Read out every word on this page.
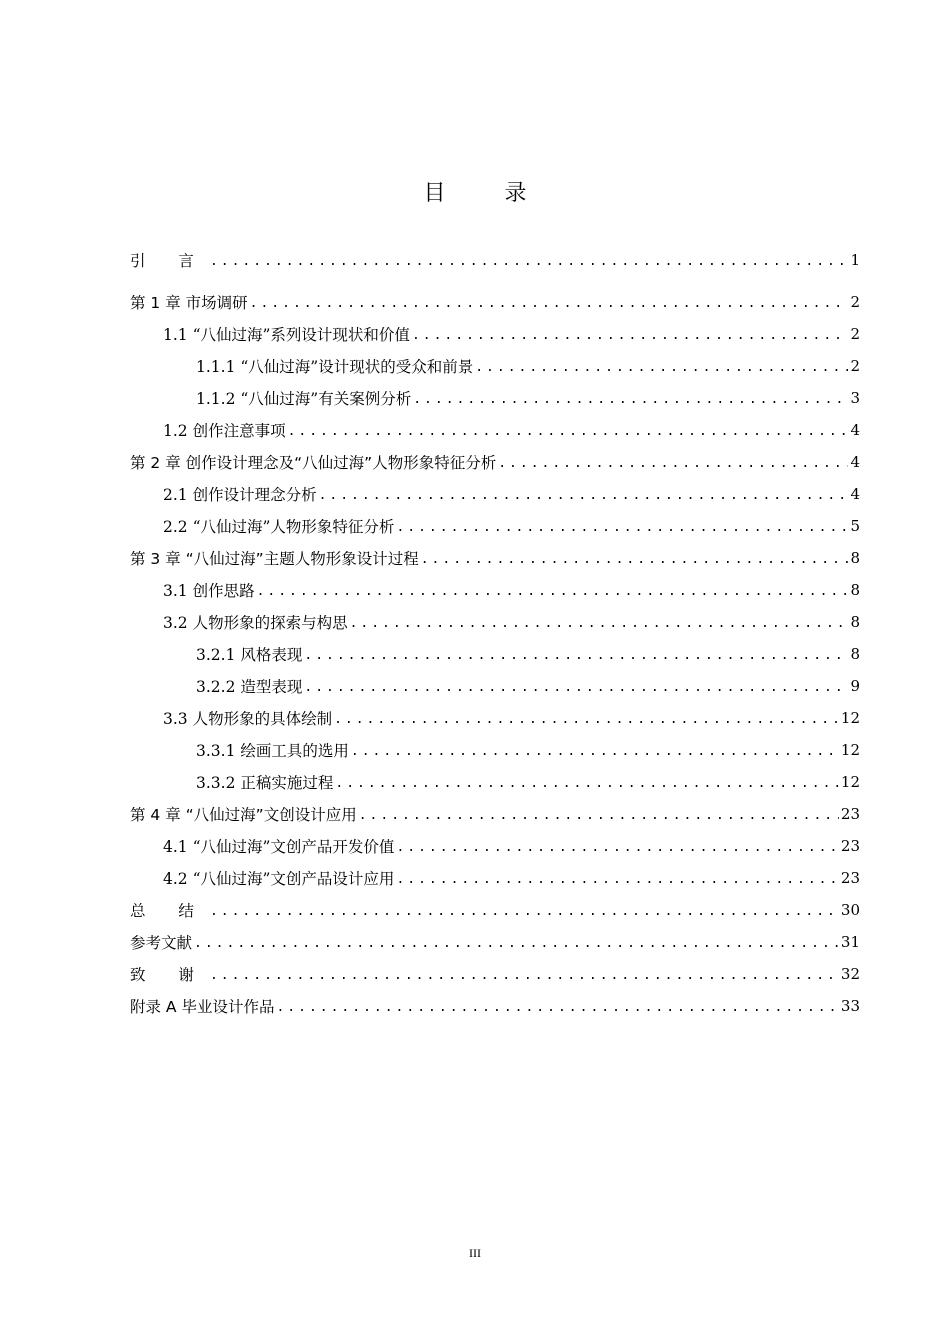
目 录
引 言 .....	1
第 1 章 市场调研 .....	2
1.1 “八仙过海”系列设计现状和价值 .....	2
1.1.1 “八仙过海”设计现状的受众和前景 .....	2
1.1.2 “八仙过海”有关案例分析 .....	3
1.2 创作注意事项 .....	4
第 2 章 创作设计理念及“八仙过海”人物形象特征分析 .....	4
2.1 创作设计理念分析 .....	4
2.2 “八仙过海”人物形象特征分析 .....	5
第 3 章 “八仙过海”主题人物形象设计过程 .....	8
3.1 创作思路 .....	8
3.2 人物形象的探索与构思 .....	8
3.2.1 风格表现 .....	8
3.2.2 造型表现 .....	9
3.3 人物形象的具体绘制 .....	12
3.3.1 绘画工具的选用 .....	12
3.3.2 正稿实施过程 .....	12
第 4 章 “八仙过海”文创设计应用 .....	23
4.1 “八仙过海”文创产品开发价值 .....	23
4.2 “八仙过海”文创产品设计应用 .....	23
总 结 .....	30
参考文献 .....	31
致 谢 .....	32
附录 A 毕业设计作品 .....	33
III
